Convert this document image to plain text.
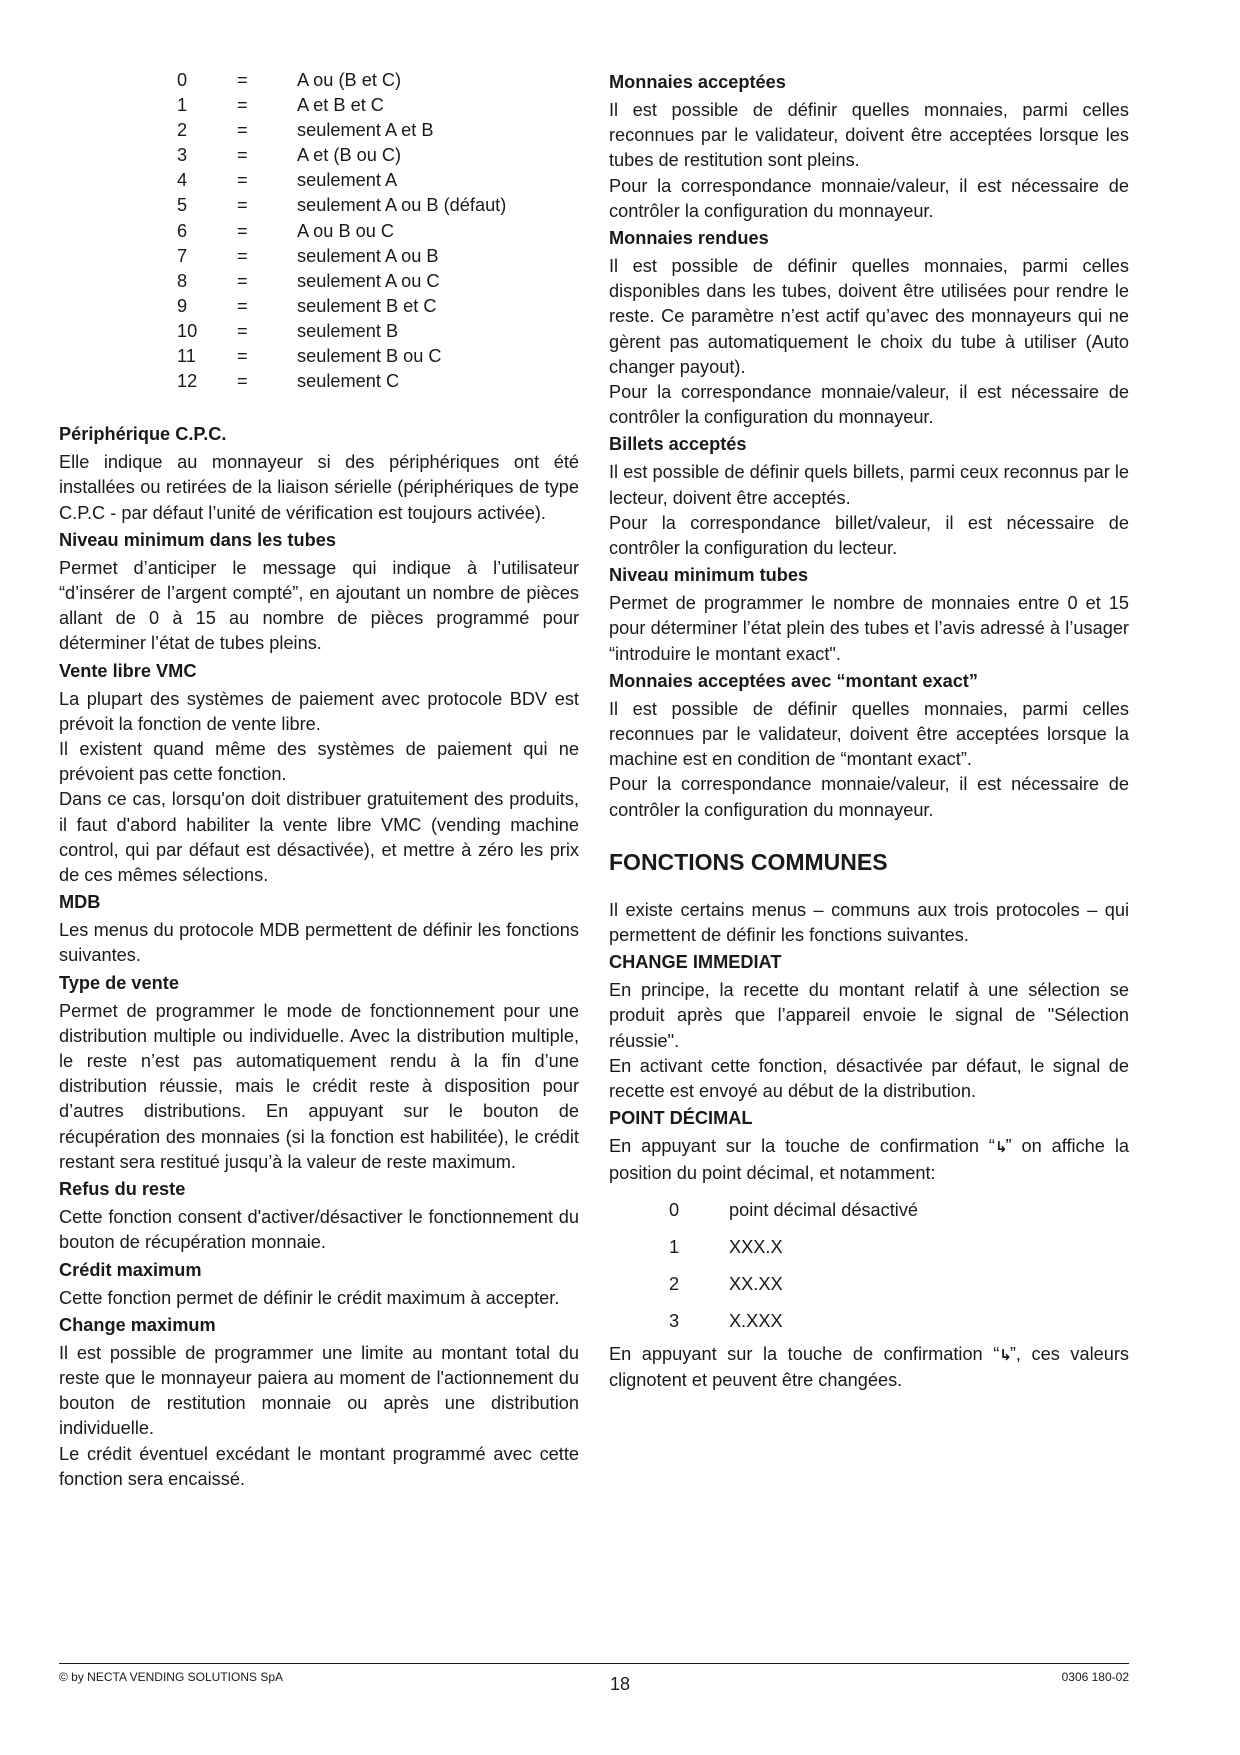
0	=	A ou (B et C)
1	=	A et B et C
2	=	seulement A et B
3	=	A et (B ou C)
4	=	seulement A
5	=	seulement A ou B (défaut)
6	=	A ou B ou C
7	=	seulement A ou B
8	=	seulement A ou C
9	=	seulement B et C
10	=	seulement B
11	=	seulement B ou C
12	=	seulement C
Périphérique C.P.C.

Elle indique au monnayeur si des périphériques ont été installées ou retirées de la liaison sérielle (périphériques de type C.P.C - par défaut l’unité de vérification est toujours activée).

Niveau minimum dans les tubes

Permet d’anticiper le message qui indique à l’utilisateur “d’insérer de l’argent compté”, en ajoutant un nombre de pièces allant de 0 à 15 au nombre de pièces programmé pour déterminer l’état de tubes pleins.

Vente libre VMC

La plupart des systèmes de paiement avec protocole BDV est prévoit la fonction de vente libre.

Il existent quand même des systèmes de paiement qui ne prévoient pas cette fonction.

Dans ce cas, lorsqu'on doit distribuer gratuitement des produits, il faut d'abord habiliter la vente libre VMC (vending machine control, qui par défaut est désactivée), et mettre à zéro les prix de ces mêmes sélections.

MDB

Les menus du protocole MDB permettent de définir les fonctions suivantes.

Type de vente

Permet de programmer le mode de fonctionnement pour une distribution multiple ou individuelle. Avec la distribution multiple, le reste n’est pas automatiquement rendu à la fin d’une distribution réussie, mais le crédit reste à disposition pour d’autres distributions. En appuyant sur le bouton de récupération des monnaies (si la fonction est habilitée), le crédit restant sera restitué jusqu’à la valeur de reste maximum.

Refus du reste

Cette fonction consent d'activer/désactiver le fonctionnement du bouton de récupération monnaie.

Crédit maximum

Cette fonction permet de définir le crédit maximum à accepter.

Change maximum

Il est possible de programmer une limite au montant total du reste que le monnayeur paiera au moment de l'actionnement du bouton de restitution monnaie ou après une distribution individuelle.

Le crédit éventuel excédant le montant programmé avec cette fonction sera encaissé.

Monnaies acceptées

Il est possible de définir quelles monnaies, parmi celles reconnues par le validateur, doivent être acceptées lorsque les tubes de restitution sont pleins.

Pour la correspondance monnaie/valeur, il est nécessaire de contrôler la configuration du monnayeur.

Monnaies rendues

Il est possible de définir quelles monnaies, parmi celles disponibles dans les tubes, doivent être utilisées pour rendre le reste. Ce paramètre n’est actif qu’avec des monnayeurs qui ne gèrent pas automatiquement le choix du tube à utiliser (Auto changer payout).

Pour la correspondance monnaie/valeur, il est nécessaire de contrôler la configuration du monnayeur.

Billets acceptés

Il est possible de définir quels billets, parmi ceux reconnus par le lecteur, doivent être acceptés.

Pour la correspondance billet/valeur, il est nécessaire de contrôler la configuration du lecteur.

Niveau minimum tubes

Permet de programmer le nombre de monnaies entre 0 et 15 pour déterminer l’état plein des tubes et l’avis adressé à l’usager “introduire le montant exact".

Monnaies acceptées avec “montant exact”

Il est possible de définir quelles monnaies, parmi celles reconnues par le validateur, doivent être acceptées lorsque la machine est en condition de “montant exact”.

Pour la correspondance monnaie/valeur, il est nécessaire de contrôler la configuration du monnayeur.

FONCTIONS COMMUNES

Il existe certains menus – communs aux trois protocoles – qui permettent de définir les fonctions suivantes.

CHANGE IMMEDIAT

En principe, la recette du montant relatif à une sélection se produit après que l’appareil envoie le signal de "Sélection réussie".

En activant cette fonction, désactivée par défaut, le signal de recette est envoyé au début de la distribution.

POINT DÉCIMAL

En appuyant sur la touche de confirmation “↳” on affiche la position du point décimal, et notamment:

0	point décimal désactivé
1	XXX.X
2	XX.XX
3	X.XXX

En appuyant sur la touche de confirmation “↳”, ces valeurs clignotent et peuvent être changées.

© by NECTA VENDING SOLUTIONS SpA	18	0306 180-02
